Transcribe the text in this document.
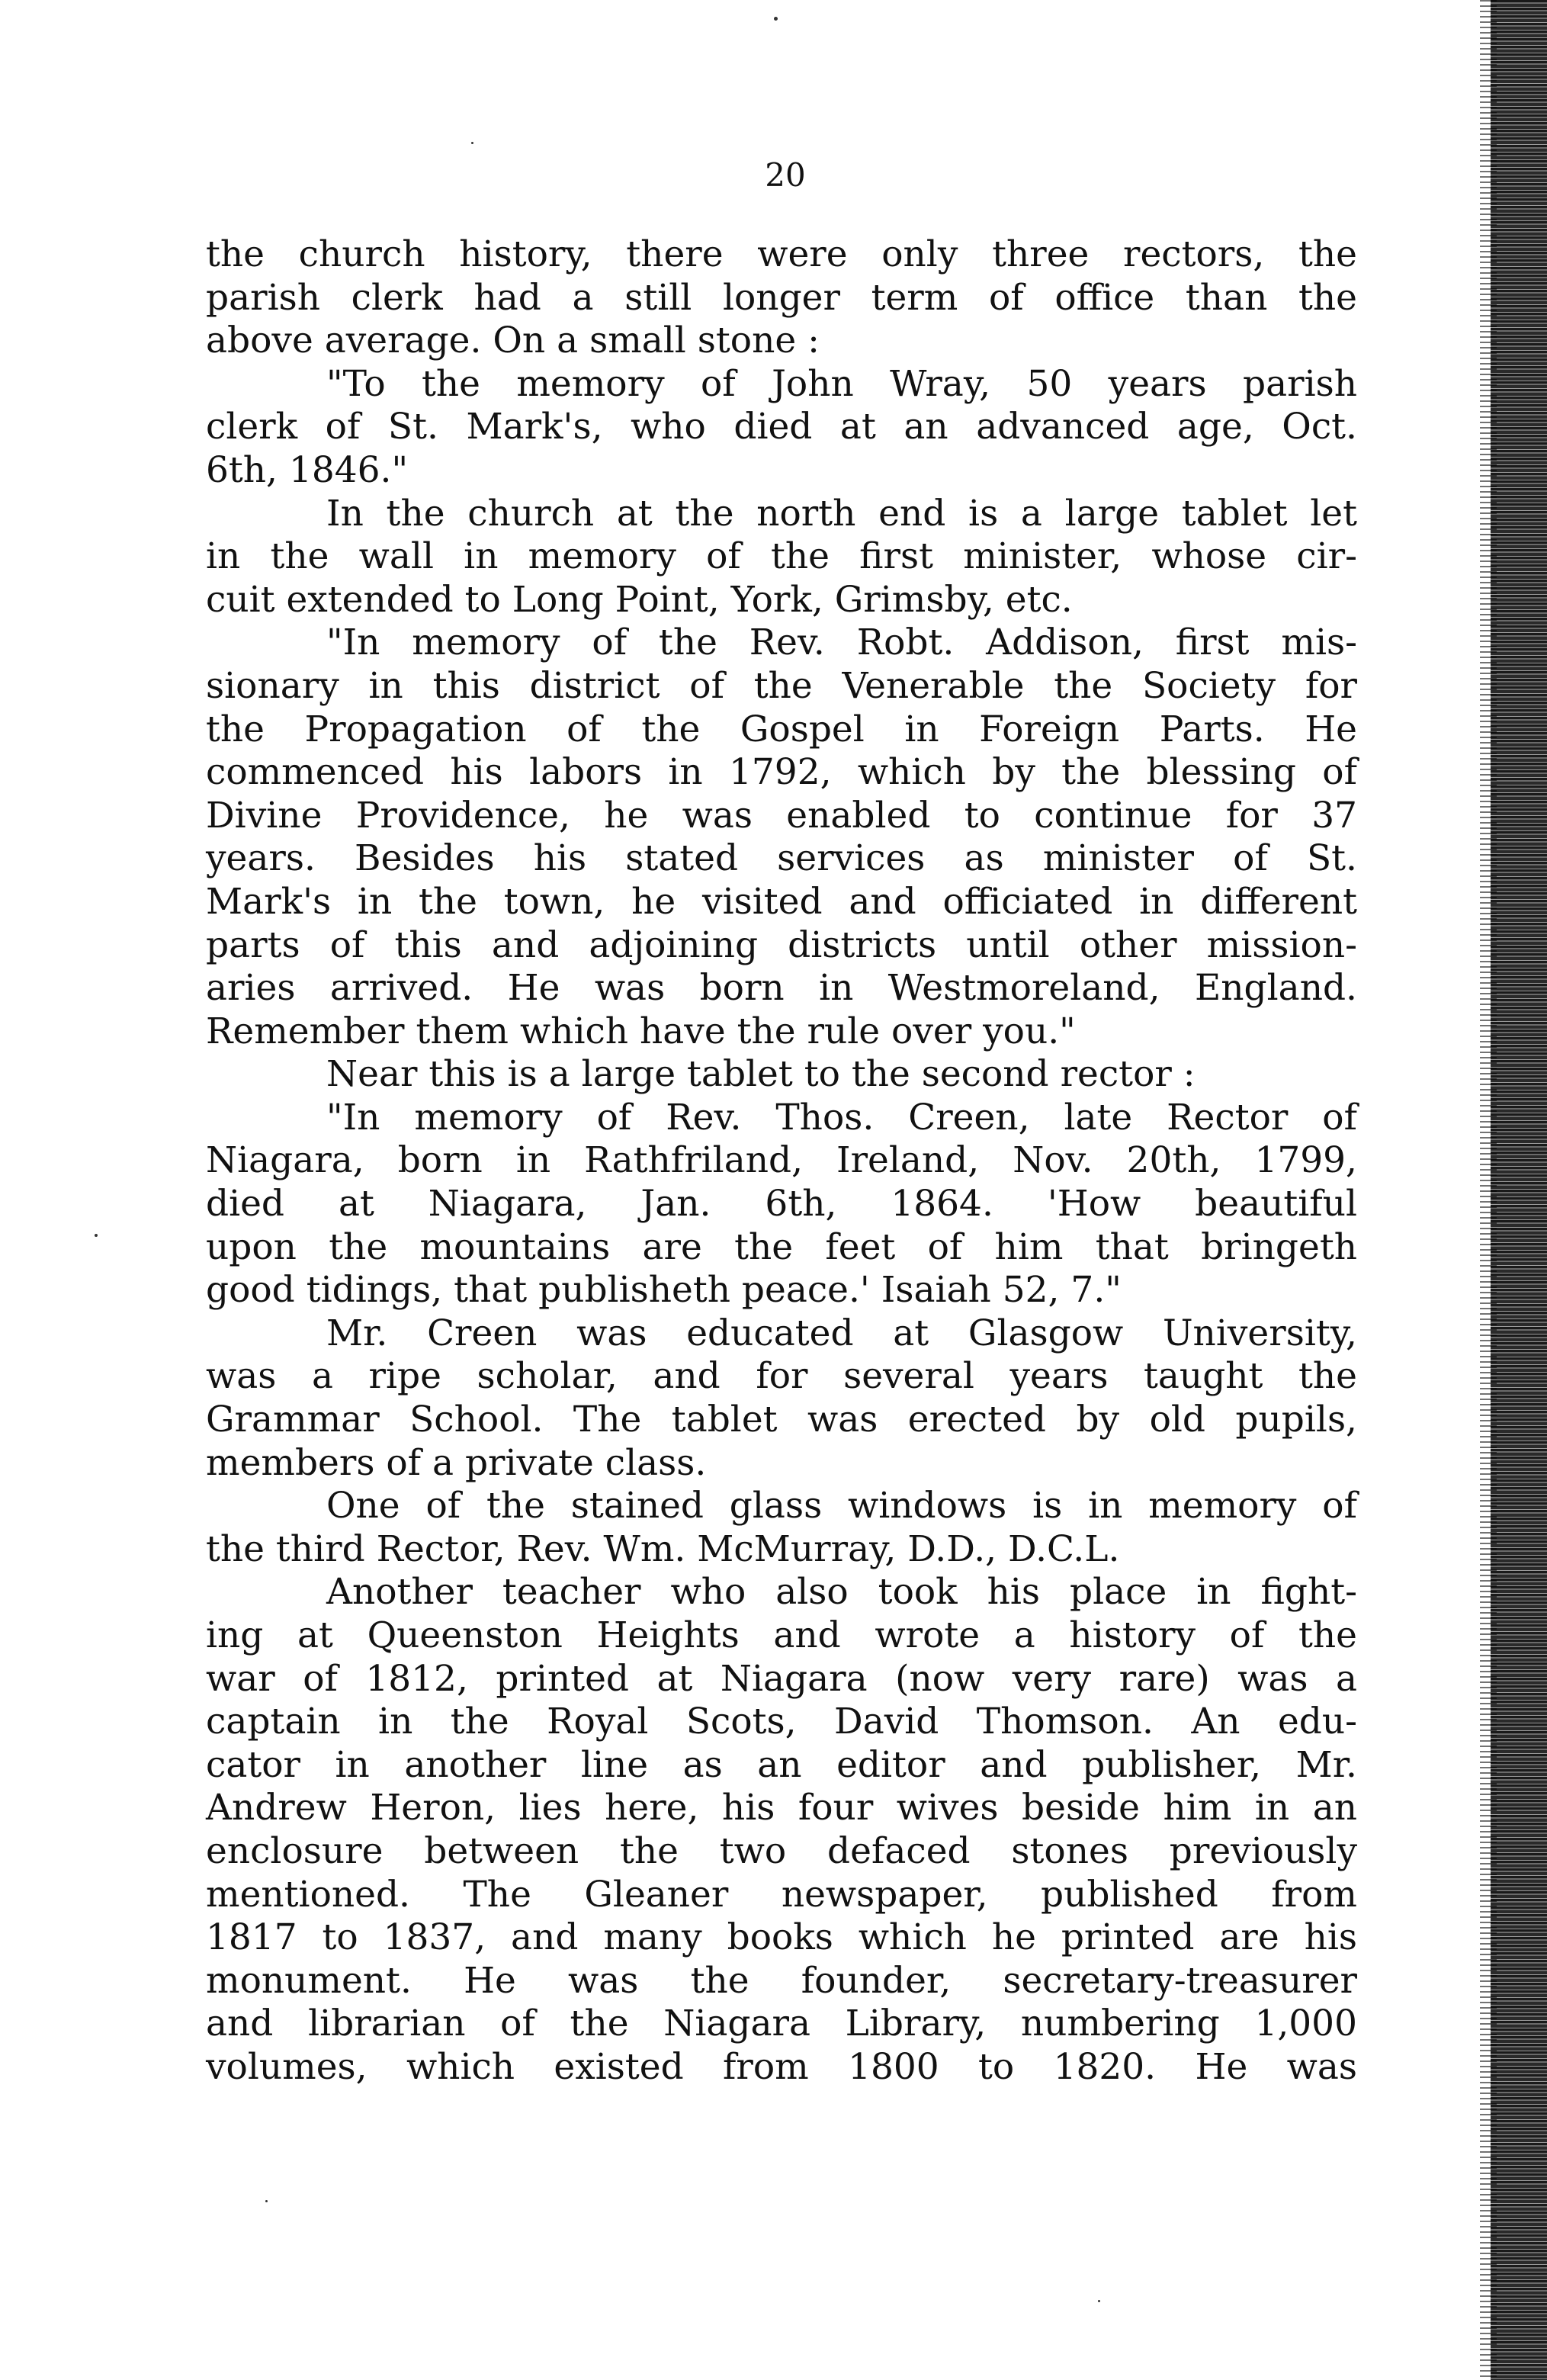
20
the church history, there were only three rectors, the
parish clerk had a still longer term of office than the
above average. On a small stone :
"To the memory of John Wray, 50 years parish
clerk of St. Mark's, who died at an advanced age, Oct.
6th, 1846."
In the church at the north end is a large tablet let
in the wall in memory of the first minister, whose cir-
cuit extended to Long Point, York, Grimsby, etc.
"In memory of the Rev. Robt. Addison, first mis-
sionary in this district of the Venerable the Society for
the Propagation of the Gospel in Foreign Parts. He
commenced his labors in 1792, which by the blessing of
Divine Providence, he was enabled to continue for 37
years. Besides his stated services as minister of St.
Mark's in the town, he visited and officiated in different
parts of this and adjoining districts until other mission-
aries arrived. He was born in Westmoreland, England.
Remember them which have the rule over you."
Near this is a large tablet to the second rector :
"In memory of Rev. Thos. Creen, late Rector of
Niagara, born in Rathfriland, Ireland, Nov. 20th, 1799,
died at Niagara, Jan. 6th, 1864. 'How beautiful
upon the mountains are the feet of him that bringeth
good tidings, that publisheth peace.' Isaiah 52, 7."
Mr. Creen was educated at Glasgow University,
was a ripe scholar, and for several years taught the
Grammar School. The tablet was erected by old pupils,
members of a private class.
One of the stained glass windows is in memory of
the third Rector, Rev. Wm. McMurray, D.D., D.C.L.
Another teacher who also took his place in fight-
ing at Queenston Heights and wrote a history of the
war of 1812, printed at Niagara (now very rare) was a
captain in the Royal Scots, David Thomson. An edu-
cator in another line as an editor and publisher, Mr.
Andrew Heron, lies here, his four wives beside him in an
enclosure between the two defaced stones previously
mentioned. The Gleaner newspaper, published from
1817 to 1837, and many books which he printed are his
monument. He was the founder, secretary-treasurer
and librarian of the Niagara Library, numbering 1,000
volumes, which existed from 1800 to 1820. He was
